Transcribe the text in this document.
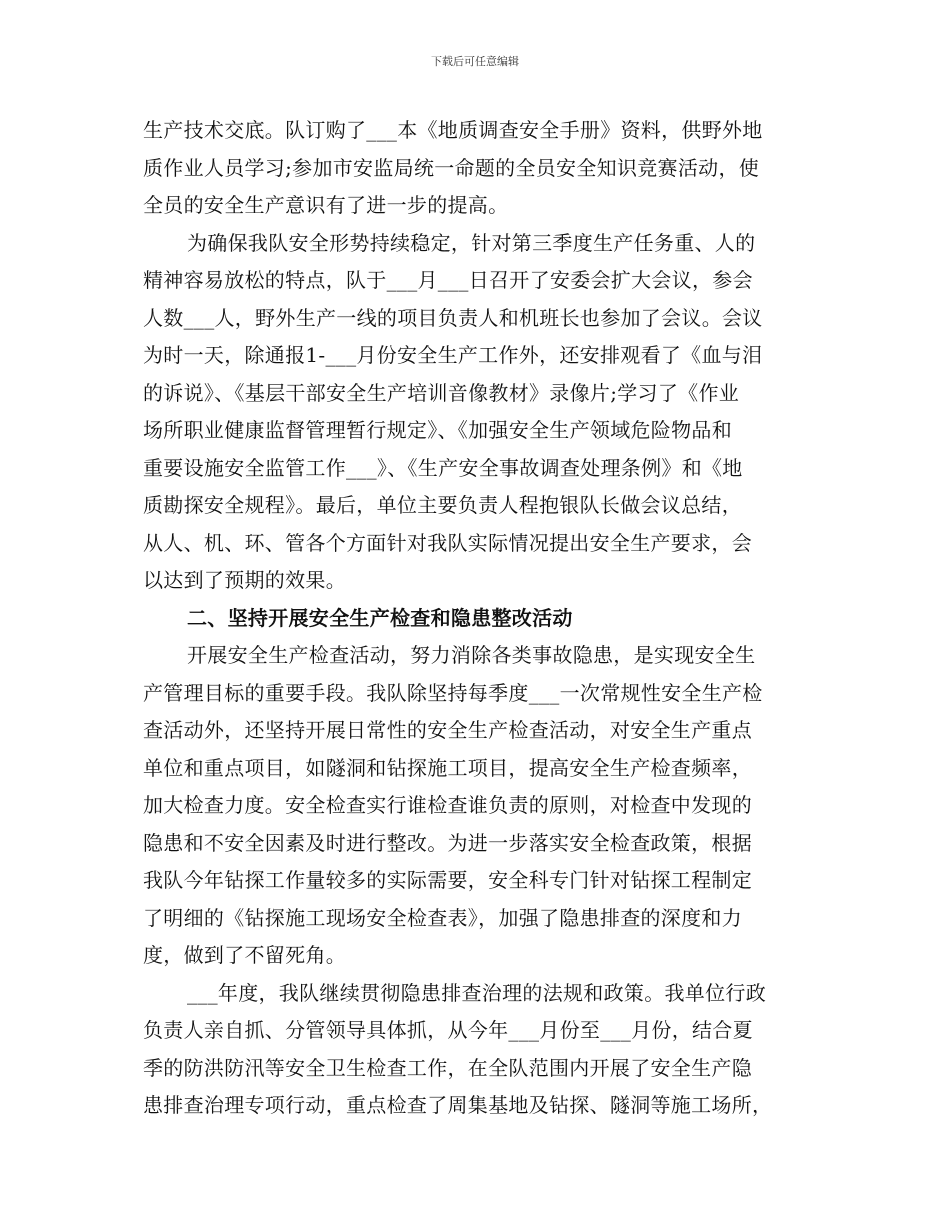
下载后可任意编辑
生产技术交底。队订购了___本《地质调查安全手册》资料，供野外地
质作业人员学习;参加市安监局统一命题的全员安全知识竞赛活动，使
全员的安全生产意识有了进一步的提高。
为确保我队安全形势持续稳定，针对第三季度生产任务重、人的
精神容易放松的特点，队于___月___日召开了安委会扩大会议，参会
人数___人，野外生产一线的项目负责人和机班长也参加了会议。会议
为时一天，除通报1-___月份安全生产工作外，还安排观看了《血与泪
的诉说》、《基层干部安全生产培训音像教材》录像片;学习了《作业
场所职业健康监督管理暂行规定》、《加强安全生产领域危险物品和
重要设施安全监管工作___》、《生产安全事故调查处理条例》和《地
质勘探安全规程》。最后，单位主要负责人程抱银队长做会议总结，
从人、机、环、管各个方面针对我队实际情况提出安全生产要求，会
以达到了预期的效果。
二、坚持开展安全生产检查和隐患整改活动
开展安全生产检查活动，努力消除各类事故隐患，是实现安全生
产管理目标的重要手段。我队除坚持每季度___一次常规性安全生产检
查活动外，还坚持开展日常性的安全生产检查活动，对安全生产重点
单位和重点项目，如隧洞和钻探施工项目，提高安全生产检查频率，
加大检查力度。安全检查实行谁检查谁负责的原则，对检查中发现的
隐患和不安全因素及时进行整改。为进一步落实安全检查政策，根据
我队今年钻探工作量较多的实际需要，安全科专门针对钻探工程制定
了明细的《钻探施工现场安全检查表》，加强了隐患排查的深度和力
度，做到了不留死角。
___年度，我队继续贯彻隐患排查治理的法规和政策。我单位行政
负责人亲自抓、分管领导具体抓，从今年___月份至___月份，结合夏
季的防洪防汛等安全卫生检查工作，在全队范围内开展了安全生产隐
患排查治理专项行动，重点检查了周集基地及钻探、隧洞等施工场所，
